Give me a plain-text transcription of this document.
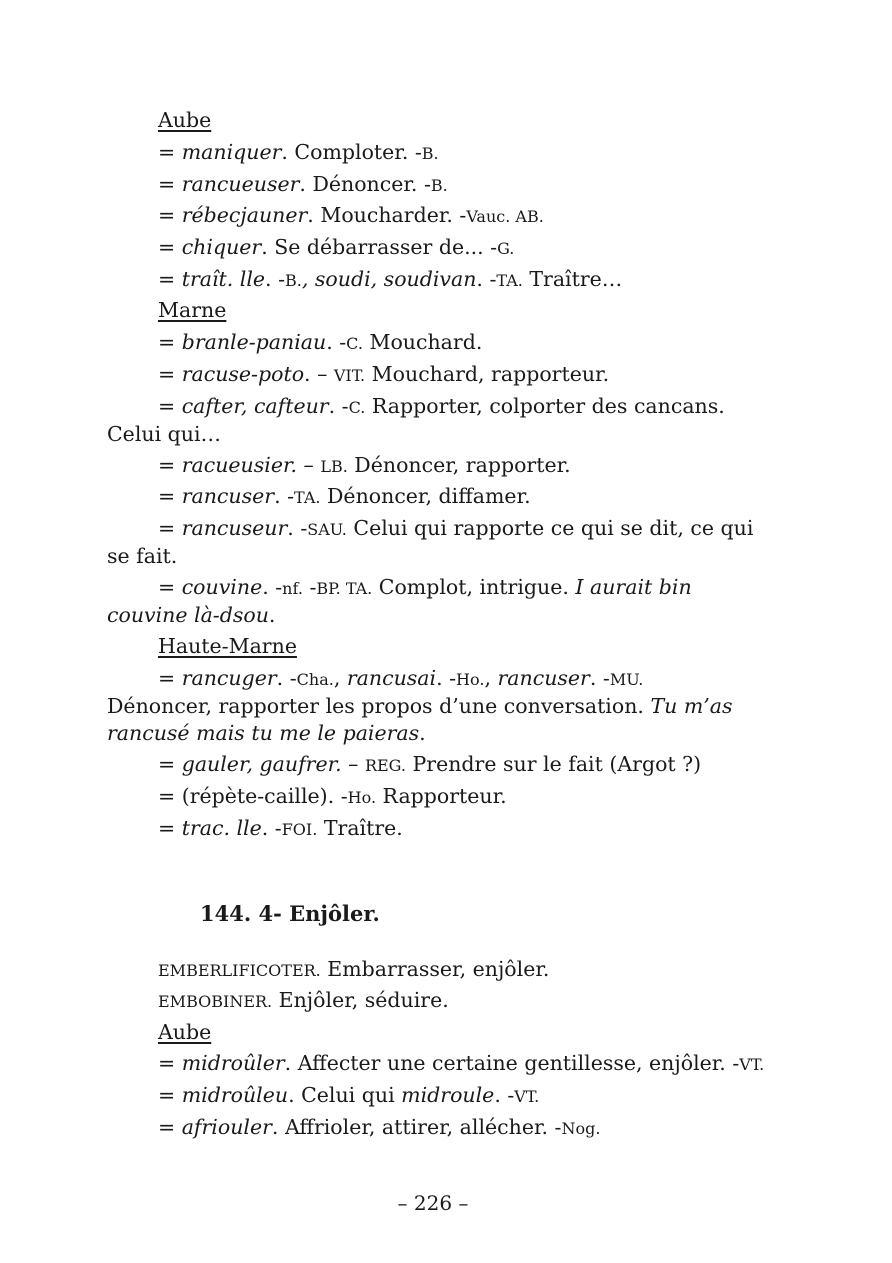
Aube
= maniquer. Comploter. -B.
= rancueuser. Dénoncer. -B.
= rébecjauner. Moucharder. -Vauc. AB.
= chiquer. Se débarrasser de... -G.
= traît. lle. -B., soudi, soudivan. -TA. Traître…
Marne
= branle-paniau. -C. Mouchard.
= racuse-poto. – VIT. Mouchard, rapporteur.
= cafter, cafteur. -C. Rapporter, colporter des cancans.
Celui qui…
= racueusier. – LB. Dénoncer, rapporter.
= rancuser. -TA. Dénoncer, diffamer.
= rancuseur. -SAU. Celui qui rapporte ce qui se dit, ce qui
se fait.
= couvine. -nf. -BP. TA. Complot, intrigue. I aurait bin
couvine là-dsou.
Haute-Marne
= rancuger. -Cha., rancusai. -Ho., rancuser. -MU.
Dénoncer, rapporter les propos d’une conversation. Tu m’as
rancusé mais tu me le paieras.
= gauler, gaufrer. – REG. Prendre sur le fait (Argot ?)
= (répète-caille). -Ho. Rapporteur.
= trac. lle. -FOI. Traître.
144. 4- Enjôler.
EMBERLIFICOTER. Embarrasser, enjôler.
EMBOBINER. Enjôler, séduire.
Aube
= midroûler. Affecter une certaine gentillesse, enjôler. -VT.
= midroûleu. Celui qui midroule. -VT.
= afriouler. Affrioler, attirer, allécher. -Nog.
– 226 –
